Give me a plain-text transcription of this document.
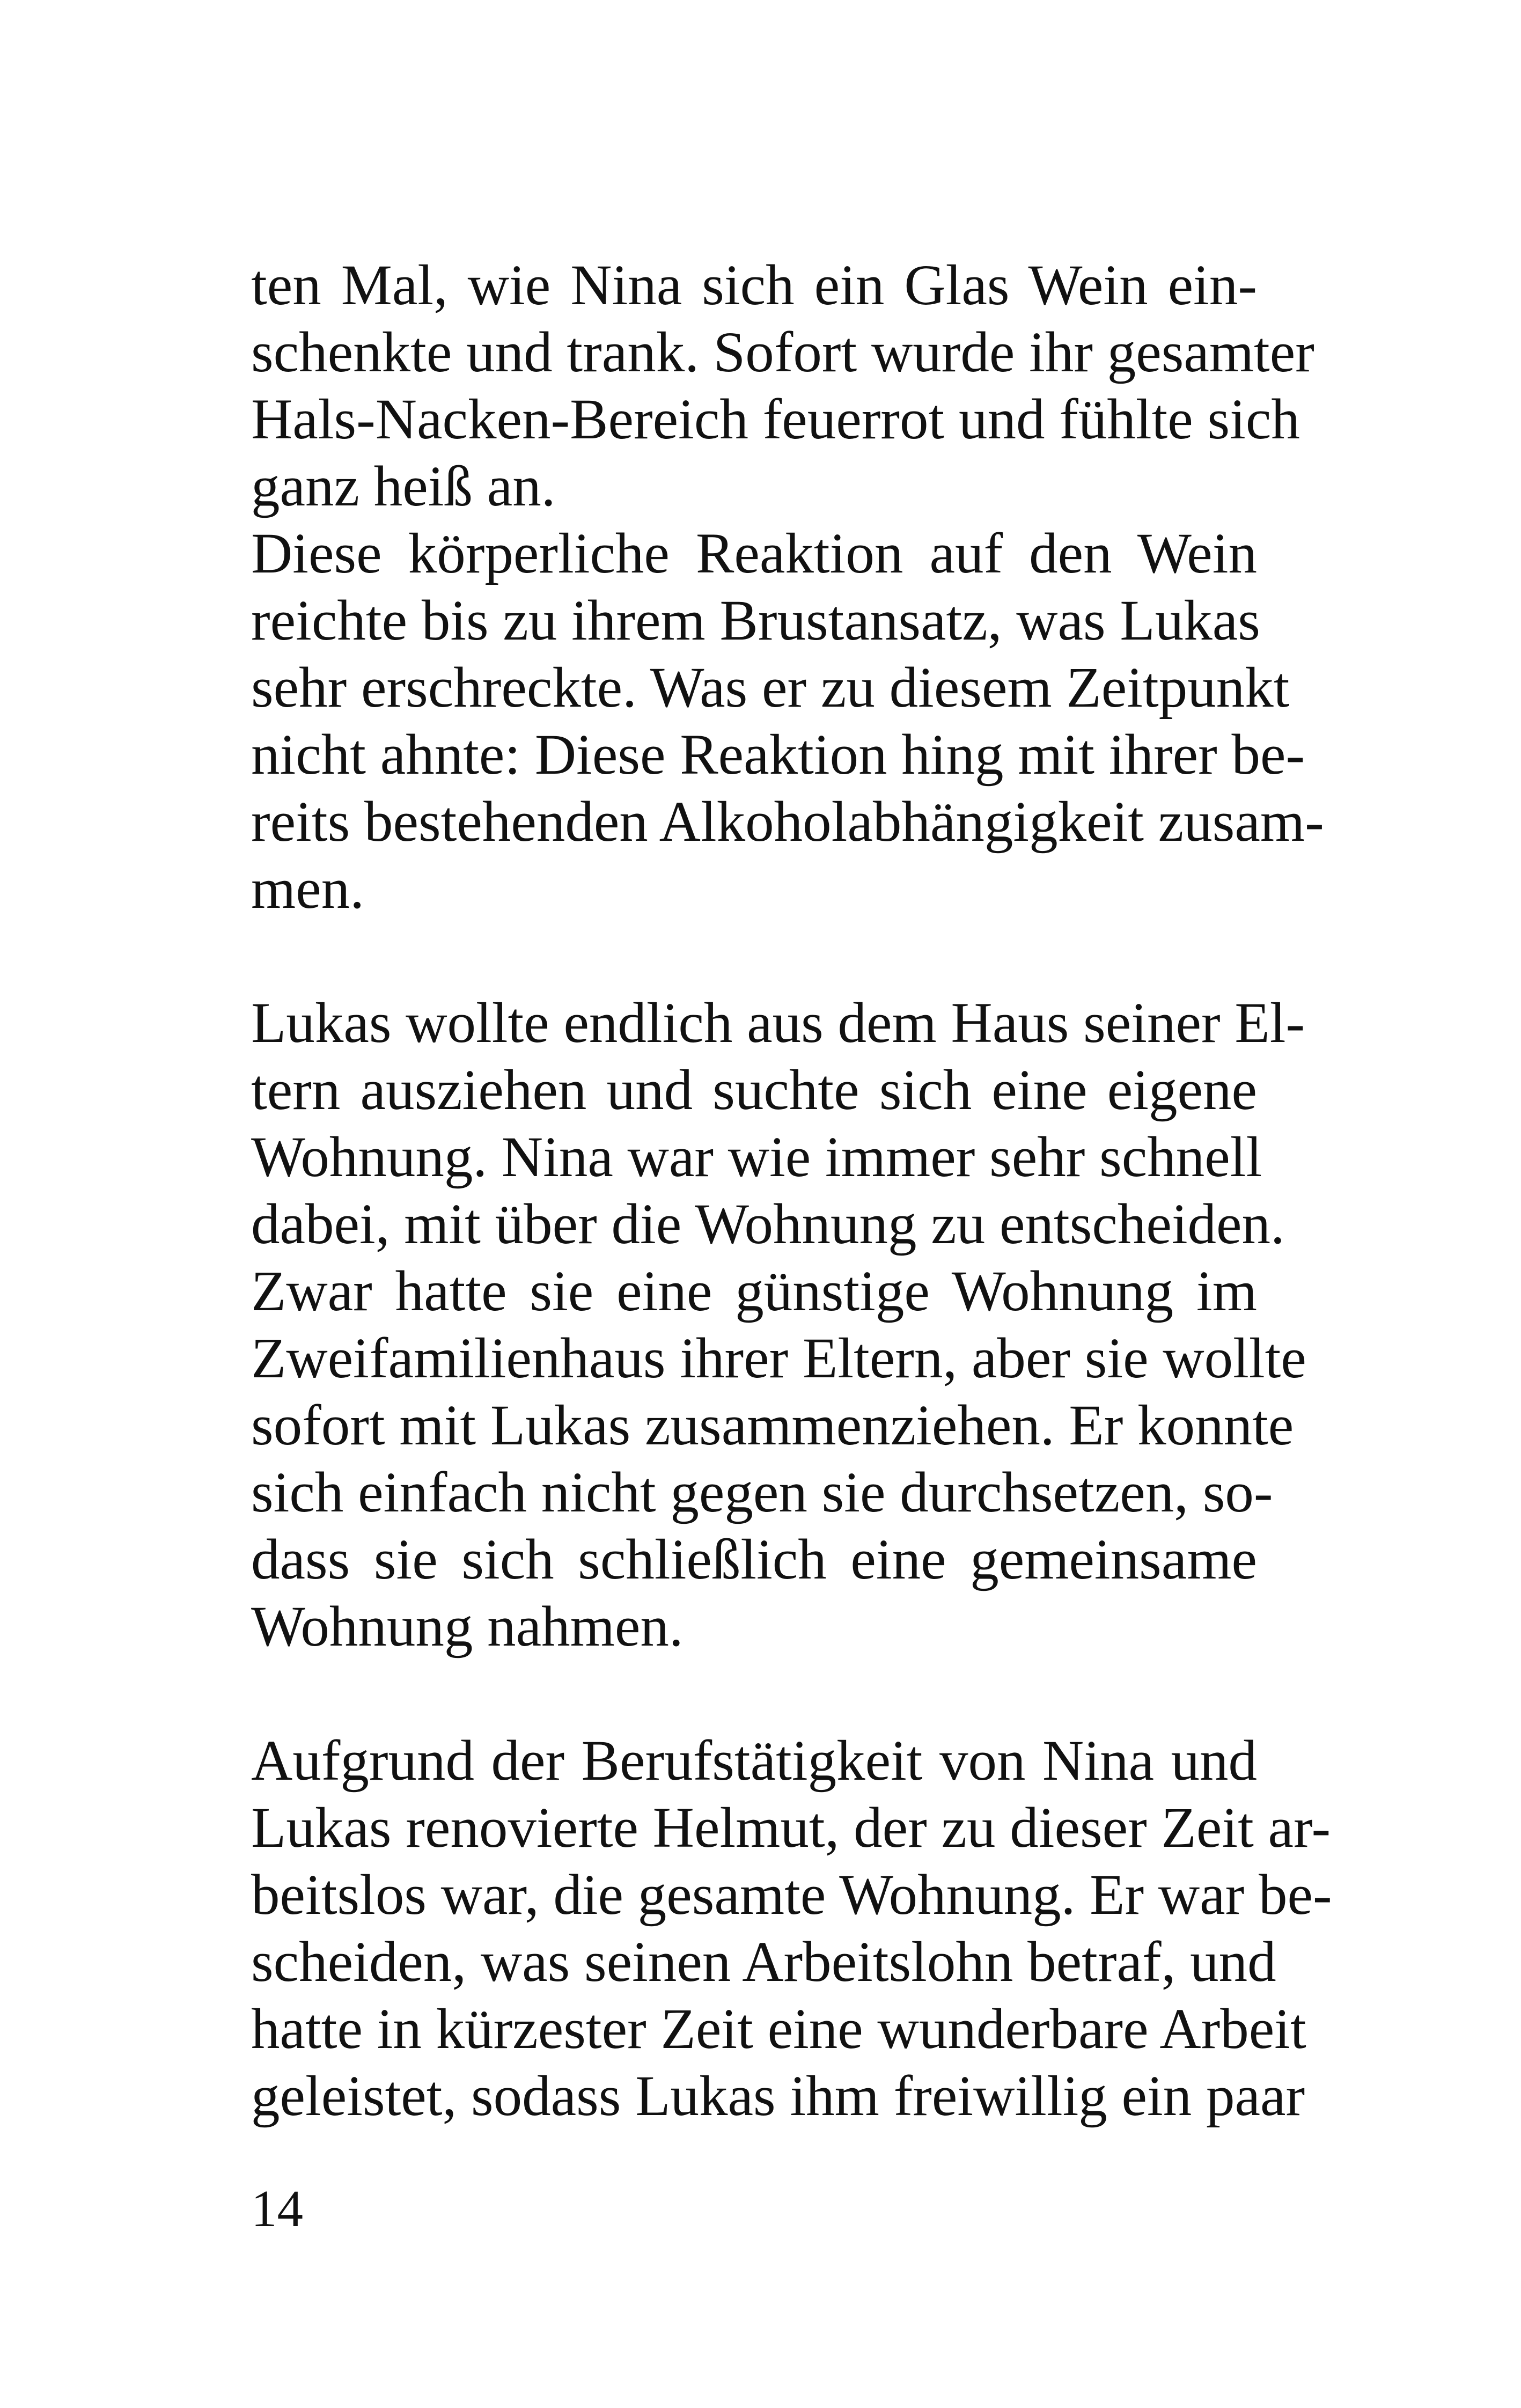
ten Mal, wie Nina sich ein Glas Wein ein-
schenkte und trank. Sofort wurde ihr gesamter
Hals-Nacken-Bereich feuerrot und fühlte sich
ganz heiß an.
Diese körperliche Reaktion auf den Wein
reichte bis zu ihrem Brustansatz, was Lukas
sehr erschreckte. Was er zu diesem Zeitpunkt
nicht ahnte: Diese Reaktion hing mit ihrer be-
reits bestehenden Alkoholabhängigkeit zusam-
men.
Lukas wollte endlich aus dem Haus seiner El-
tern ausziehen und suchte sich eine eigene
Wohnung. Nina war wie immer sehr schnell
dabei, mit über die Wohnung zu entscheiden.
Zwar hatte sie eine günstige Wohnung im
Zweifamilienhaus ihrer Eltern, aber sie wollte
sofort mit Lukas zusammenziehen. Er konnte
sich einfach nicht gegen sie durchsetzen, so-
dass sie sich schließlich eine gemeinsame
Wohnung nahmen.
Aufgrund der Berufstätigkeit von Nina und
Lukas renovierte Helmut, der zu dieser Zeit ar-
beitslos war, die gesamte Wohnung. Er war be-
scheiden, was seinen Arbeitslohn betraf, und
hatte in kürzester Zeit eine wunderbare Arbeit
geleistet, sodass Lukas ihm freiwillig ein paar
14
